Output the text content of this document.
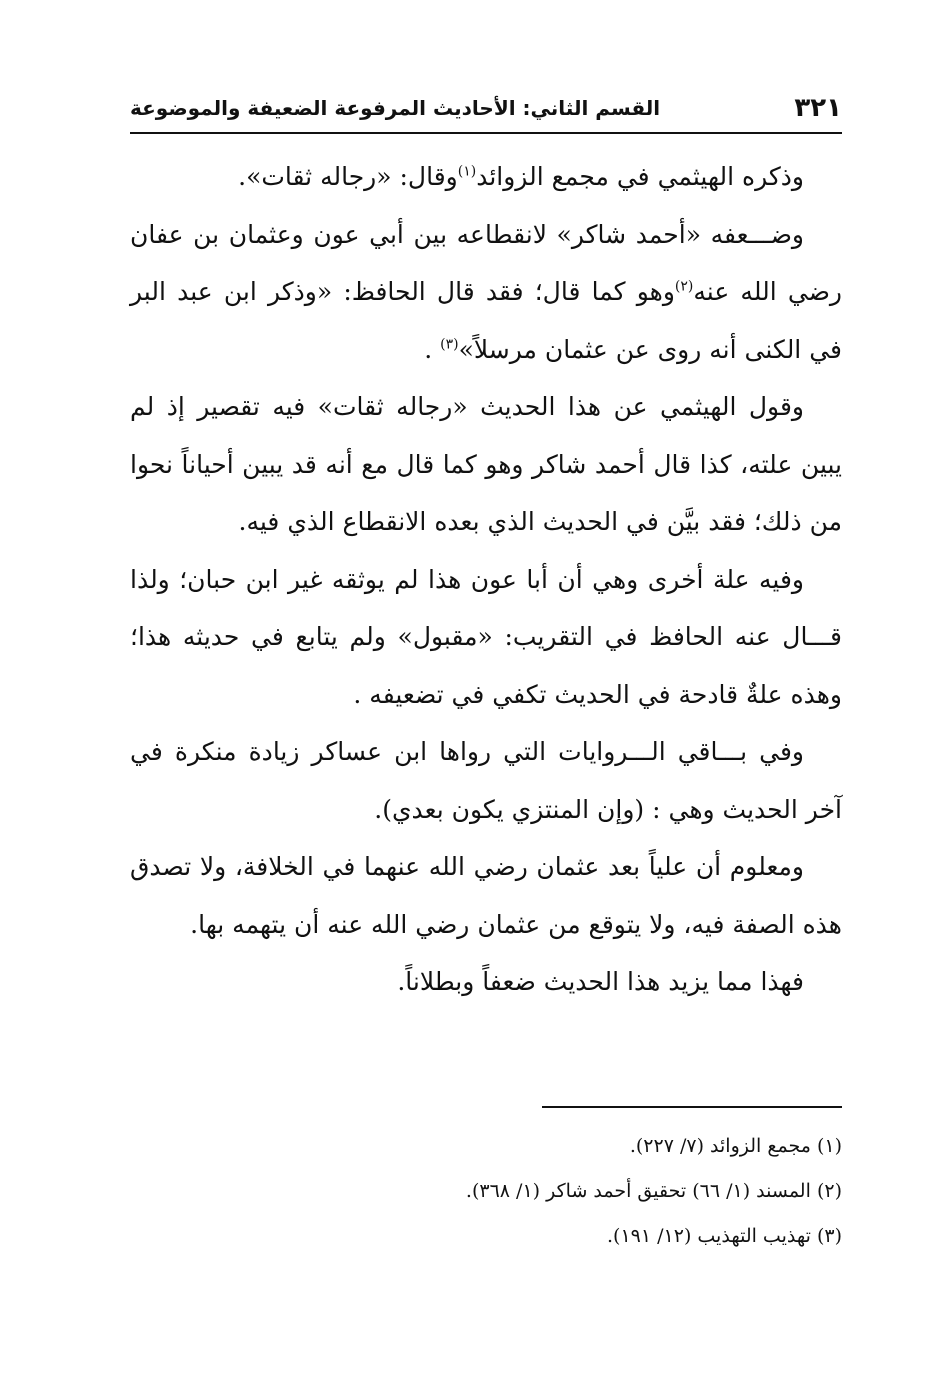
٣٢١
القسم الثاني: الأحاديث المرفوعة الضعيفة والموضوعة

وذكره الهيثمي في مجمع الزوائد$^{(١)}$وقال: «رجاله ثقات».

وضـــعفه «أحمد شاكر» لانقطاعه بين أبي عون وعثمان بن عفان رضي الله عنه$^{(٢)}$وهو كما قال؛ فقد قال الحافظ: «وذكر ابن عبد البر في الكنى أنه روى عن عثمان مرسلاً»$^{(٣)}$ .

وقول الهيثمي عن هذا الحديث «رجاله ثقات» فيه تقصير إذ لم يبين علته، كذا قال أحمد شاكر وهو كما قال مع أنه قد يبين أحياناً نحوا من ذلك؛ فقد بيَّن في الحديث الذي بعده الانقطاع الذي فيه.

وفيه علة أخرى وهي أن أبا عون هذا لم يوثقه غير ابن حبان؛ ولذا قـــال عنه الحافظ في التقريب: «مقبول» ولم يتابع في حديثه هذا؛ وهذه علةٌ قادحة في الحديث تكفي في تضعيفه .

وفي بـــاقي الـــروايات التي رواها ابن عساكر زيادة منكرة في آخر الحديث وهي : (وإن المنتزي يكون بعدي).

ومعلوم أن علياً بعد عثمان رضي الله عنهما في الخلافة، ولا تصدق هذه الصفة فيه، ولا يتوقع من عثمان رضي الله عنه أن يتهمه بها.

فهذا مما يزيد هذا الحديث ضعفاً وبطلاناً.

(١) مجمع الزوائد (٧/ ٢٢٧).

(٢) المسند (١/ ٦٦) تحقيق أحمد شاكر (١/ ٣٦٨).

(٣) تهذيب التهذيب (١٢/ ١٩١).
